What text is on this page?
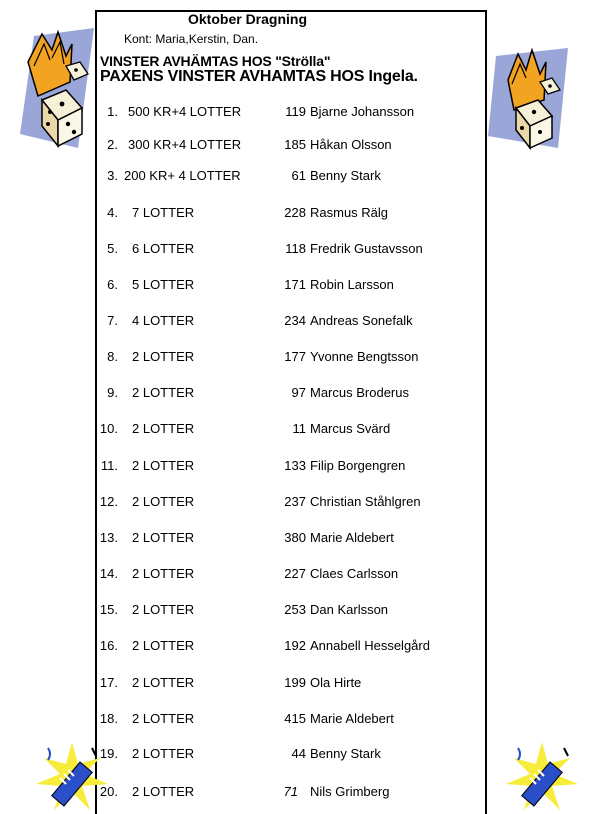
Oktober Dragning
Kont: Maria,Kerstin, Dan.
VINSTER AVHÄMTAS HOS "Strölla"
PAXENS VINSTER AVHAMTAS HOS Ingela.
1. 500 KR+4 LOTTER	119 Bjarne Johansson
2. 300 KR+4 LOTTER	185 Håkan Olsson
3. 200 KR+ 4 LOTTER	61 Benny Stark
4. 7 LOTTER	228 Rasmus Rälg
5. 6 LOTTER	118 Fredrik Gustavsson
6. 5 LOTTER	171 Robin Larsson
7. 4 LOTTER	234 Andreas Sonefalk
8. 2 LOTTER	177 Yvonne Bengtsson
9. 2 LOTTER	97 Marcus Broderus
10. 2 LOTTER	11 Marcus Svärd
11. 2 LOTTER	133 Filip Borgengren
12. 2 LOTTER	237 Christian Ståhlgren
13. 2 LOTTER	380 Marie Aldebert
14. 2 LOTTER	227 Claes Carlsson
15. 2 LOTTER	253 Dan Karlsson
16. 2 LOTTER	192 Annabell Hesselgård
17. 2 LOTTER	199 Ola Hirte
18. 2 LOTTER	415 Marie Aldebert
19. 2 LOTTER	44 Benny Stark
20. 2 LOTTER	71 Nils Grimberg
